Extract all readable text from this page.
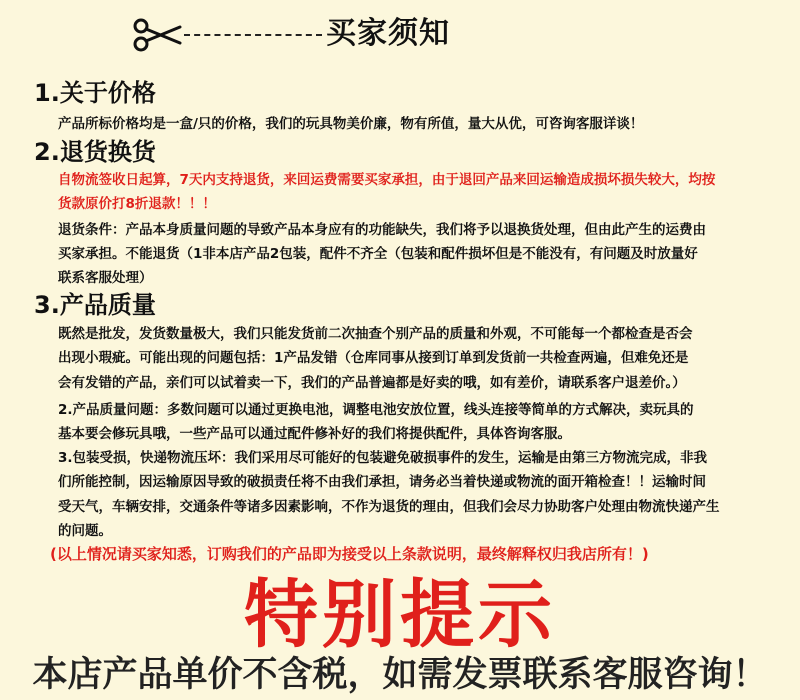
买家须知
1.关于价格
产品所标价格均是一盒/只的价格，我们的玩具物美价廉，物有所值，量大从优，可咨询客服详谈！
2.退货换货
自物流签收日起算，7天内支持退货，来回运费需要买家承担，由于退回产品来回运输造成损坏损失较大，均按
货款原价打8折退款！！！
退货条件：产品本身质量问题的导致产品本身应有的功能缺失，我们将予以退换货处理，但由此产生的运费由
买家承担。不能退货（1非本店产品2包装，配件不齐全（包装和配件损坏但是不能没有，有问题及时放量好
联系客服处理）
3.产品质量
既然是批发，发货数量极大，我们只能发货前二次抽查个别产品的质量和外观，不可能每一个都检查是否会
出现小瑕疵。可能出现的问题包括：1产品发错（仓库同事从接到订单到发货前一共检查两遍，但难免还是
会有发错的产品，亲们可以试着卖一下，我们的产品普遍都是好卖的哦，如有差价，请联系客户退差价。）
2.产品质量问题：多数问题可以通过更换电池，调整电池安放位置，线头连接等简单的方式解决，卖玩具的
基本要会修玩具哦，一些产品可以通过配件修补好的我们将提供配件，具体咨询客服。
3.包装受损，快递物流压坏：我们采用尽可能好的包装避免破损事件的发生，运输是由第三方物流完成，非我
们所能控制，因运输原因导致的破损责任将不由我们承担，请务必当着快递或物流的面开箱检查！！运输时间
受天气，车辆安排，交通条件等诸多因素影响，不作为退货的理由，但我们会尽力协助客户处理由物流快递产生
的问题。
(以上情况请买家知悉，订购我们的产品即为接受以上条款说明，最终解释权归我店所有！)
特别提示
本店产品单价不含税，如需发票联系客服咨询！
